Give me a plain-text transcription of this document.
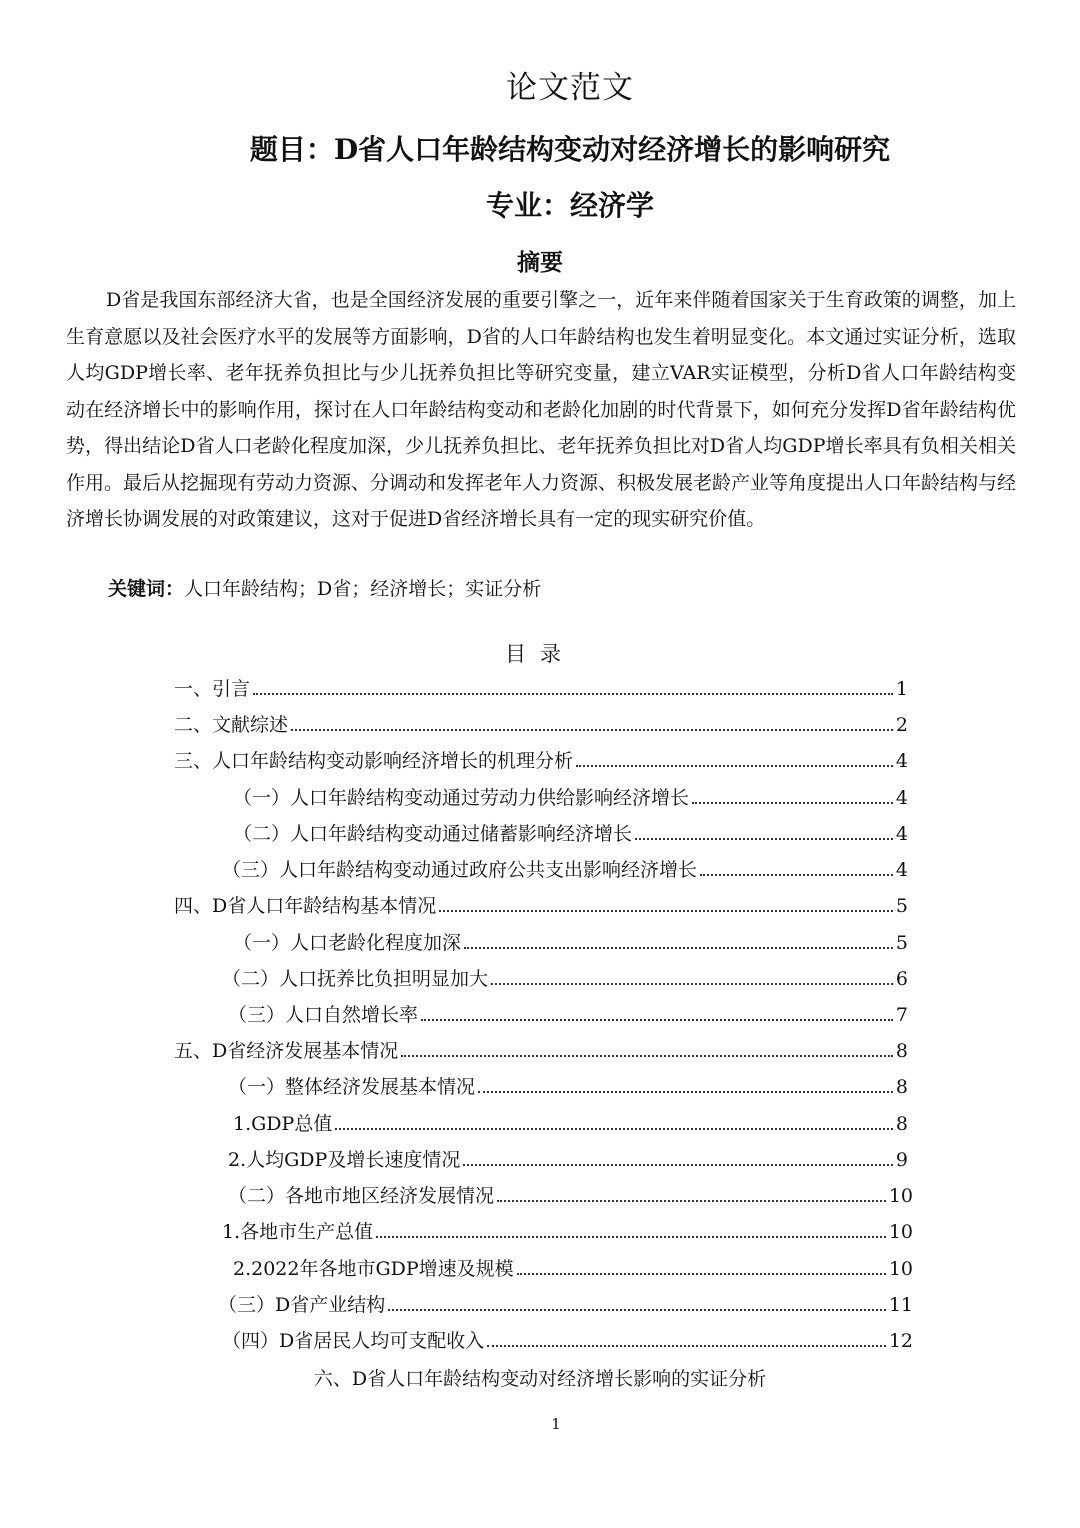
论文范文
题目：D省人口年龄结构变动对经济增长的影响研究
专业：经济学
摘要
D省是我国东部经济大省，也是全国经济发展的重要引擎之一，近年来伴随着国家关于生育政策的调整，加上生育意愿以及社会医疗水平的发展等方面影响，D省的人口年龄结构也发生着明显变化。本文通过实证分析，选取人均GDP增长率、老年抚养负担比与少儿抚养负担比等研究变量，建立VAR实证模型，分析D省人口年龄结构变动在经济增长中的影响作用，探讨在人口年龄结构变动和老龄化加剧的时代背景下，如何充分发挥D省年龄结构优势，得出结论D省人口老龄化程度加深，少儿抚养负担比、老年抚养负担比对D省人均GDP增长率具有负相关相关作用。最后从挖掘现有劳动力资源、分调动和发挥老年人力资源、积极发展老龄产业等角度提出人口年龄结构与经济增长协调发展的对政策建议，这对于促进D省经济增长具有一定的现实研究价值。
关键词：人口年龄结构；D省；经济增长；实证分析
目录
一、引言	1
二、文献综述	2
三、人口年龄结构变动影响经济增长的机理分析	4
（一）人口年龄结构变动通过劳动力供给影响经济增长	4
（二）人口年龄结构变动通过储蓄影响经济增长	4
（三）人口年龄结构变动通过政府公共支出影响经济增长	4
四、D省人口年龄结构基本情况	5
（一）人口老龄化程度加深	5
（二）人口抚养比负担明显加大	6
（三）人口自然增长率	7
五、D省经济发展基本情况	8
（一）整体经济发展基本情况	8
1.GDP总值	8
2.人均GDP及增长速度情况	9
（二）各地市地区经济发展情况	10
1.各地市生产总值	10
2.2022年各地市GDP增速及规模	10
（三）D省产业结构	11
（四）D省居民人均可支配收入	12
六、D省人口年龄结构变动对经济增长影响的实证分析
1
